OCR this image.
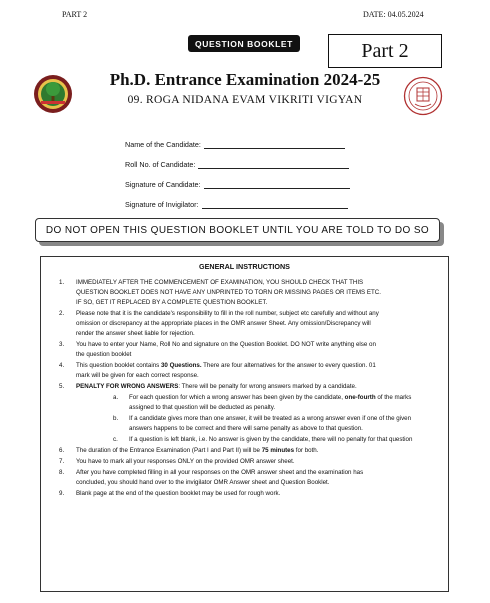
PART 2	DATE: 04.05.2024
QUESTION BOOKLET	Part 2
Ph.D. Entrance Examination 2024-25
09. ROGA NIDANA EVAM VIKRITI VIGYAN
Name of the Candidate:
Roll No. of Candidate:
Signature of Candidate:
Signature of Invigilator:
DO NOT OPEN THIS QUESTION BOOKLET UNTIL YOU ARE TOLD TO DO SO
GENERAL INSTRUCTIONS
1. IMMEDIATELY AFTER THE COMMENCEMENT OF EXAMINATION, YOU SHOULD CHECK THAT THIS
QUESTION BOOKLET DOES NOT HAVE ANY UNPRINTED TO TORN OR MISSING PAGES OR ITEMS ETC.
IF SO, GET IT REPLACED BY A COMPLETE QUESTION BOOKLET.
2. Please note that it is the candidate's responsibility to fill in the roll number, subject etc carefully and without any
omission or discrepancy at the appropriate places in the OMR answer Sheet. Any omission/Discrepancy will
render the answer sheet liable for rejection.
3. You have to enter your Name, Roll No and signature on the Question Booklet. DO NOT write anything else on
the question booklet
4. This question booklet contains 30 Questions. There are four alternatives for the answer to every question. 01
mark will be given for each correct response.
5. PENALTY FOR WRONG ANSWERS: There will be penalty for wrong answers marked by a candidate.
a. For each question for which a wrong answer has been given by the candidate, one-fourth of the marks
assigned to that question will be deducted as penalty.
b. If a candidate gives more than one answer, it will be treated as a wrong answer even if one of the given
answers happens to be correct and there will same penalty as above to that question.
c. If a question is left blank, i.e. No answer is given by the candidate, there will no penalty for that question
6. The duration of the Entrance Examination (Part I and Part II) will be 75 minutes for both.
7. You have to mark all your responses ONLY on the provided OMR answer sheet.
8. After you have completed filling in all your responses on the OMR answer sheet and the examination has
concluded, you should hand over to the invigilator OMR Answer sheet and Question Booklet.
9. Blank page at the end of the question booklet may be used for rough work.
